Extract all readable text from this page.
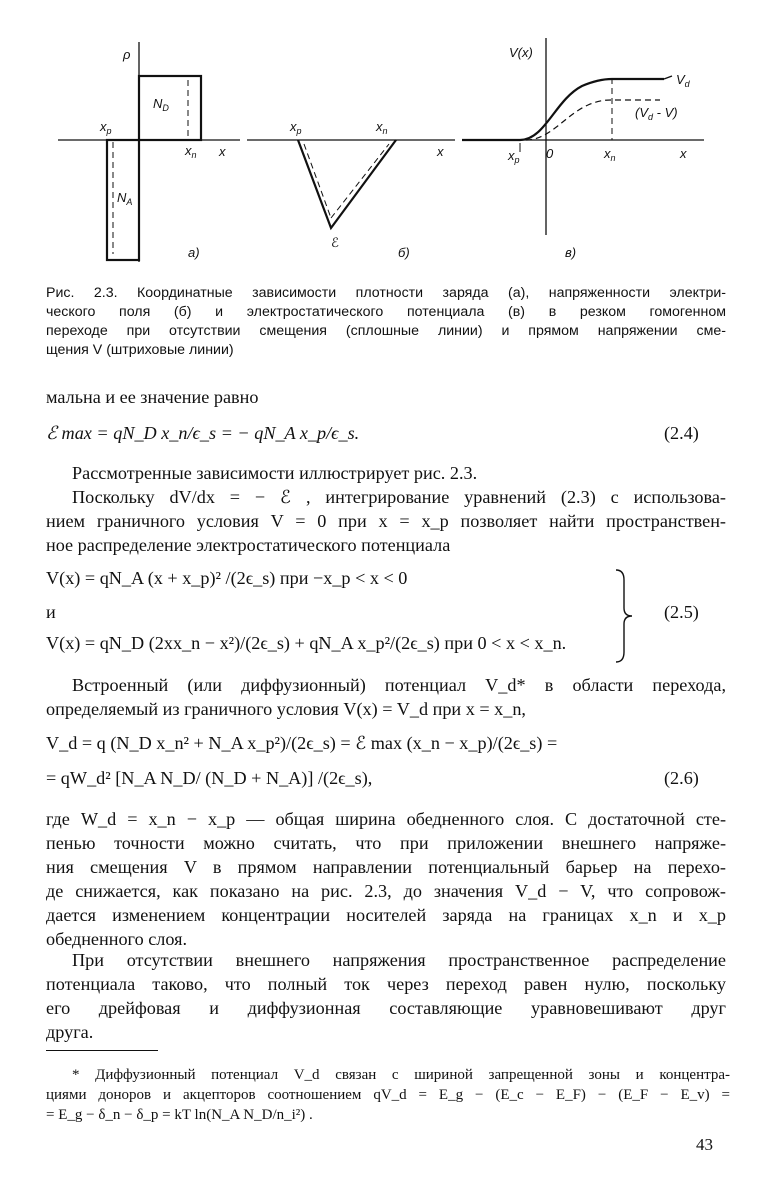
ρ
$N_D$
$x_p$
$N_A$
$x_n$ x
a)
$x_p$	$x_n$
x
ℰ
б)
V(x)
$V_d$
$(V_d - V)$
$x_p$ 0	$x_n$	x
в)
Рис. 2.3. Координатные зависимости плотности заряда (а), напряженности электри-
ческого поля (б) и электростатического потенциала (в) в резком гомогенном
переходе при отсутствии смещения (сплошные линии) и прямом напряжении сме-
щения V (штриховые линии)
мальна и ее значение равно
ℰ max = qN_D x_n/ϵ_s = − qN_A x_p/ϵ_s.	(2.4)
Рассмотренные зависимости иллюстрирует рис. 2.3.
Поскольку dV/dx = − ℰ , интегрирование уравнений (2.3) с использова-
нием граничного условия V = 0 при x = x_p позволяет найти пространствен-
ное распределение электростатического потенциала
V(x) = qN_A (x + x_p)² /(2ϵ_s) при −x_p < x < 0
и
V(x) = qN_D (2xx_n − x²)/(2ϵ_s) + qN_A x_p²/(2ϵ_s) при 0 < x < x_n.
(2.5)
Встроенный (или диффузионный) потенциал V_d* в области перехода,
определяемый из граничного условия V(x) = V_d при x = x_n,
V_d = q (N_D x_n² + N_A x_p²)/(2ϵ_s) = ℰ max (x_n − x_p)/(2ϵ_s) =
= qW_d² [N_A N_D/ (N_D + N_A)] /(2ϵ_s),	(2.6)
где W_d = x_n − x_p — общая ширина обедненного слоя. С достаточной сте-
пенью точности можно считать, что при приложении внешнего напряже-
ния смещения V в прямом направлении потенциальный барьер на перехо-
де снижается, как показано на рис. 2.3, до значения V_d − V, что сопровож-
дается изменением концентрации носителей заряда на границах x_n и x_p
обедненного слоя.
При отсутствии внешнего напряжения пространственное распределение
потенциала таково, что полный ток через переход равен нулю, поскольку
его дрейфовая и диффузионная составляющие уравновешивают друг
друга.
* Диффузионный потенциал V_d связан с шириной запрещенной зоны и концентра-
циями доноров и акцепторов соотношением qV_d = E_g − (E_c − E_F) − (E_F − E_v) =
= E_g − δ_n − δ_p = kT ln(N_A N_D/n_i²) .
43
